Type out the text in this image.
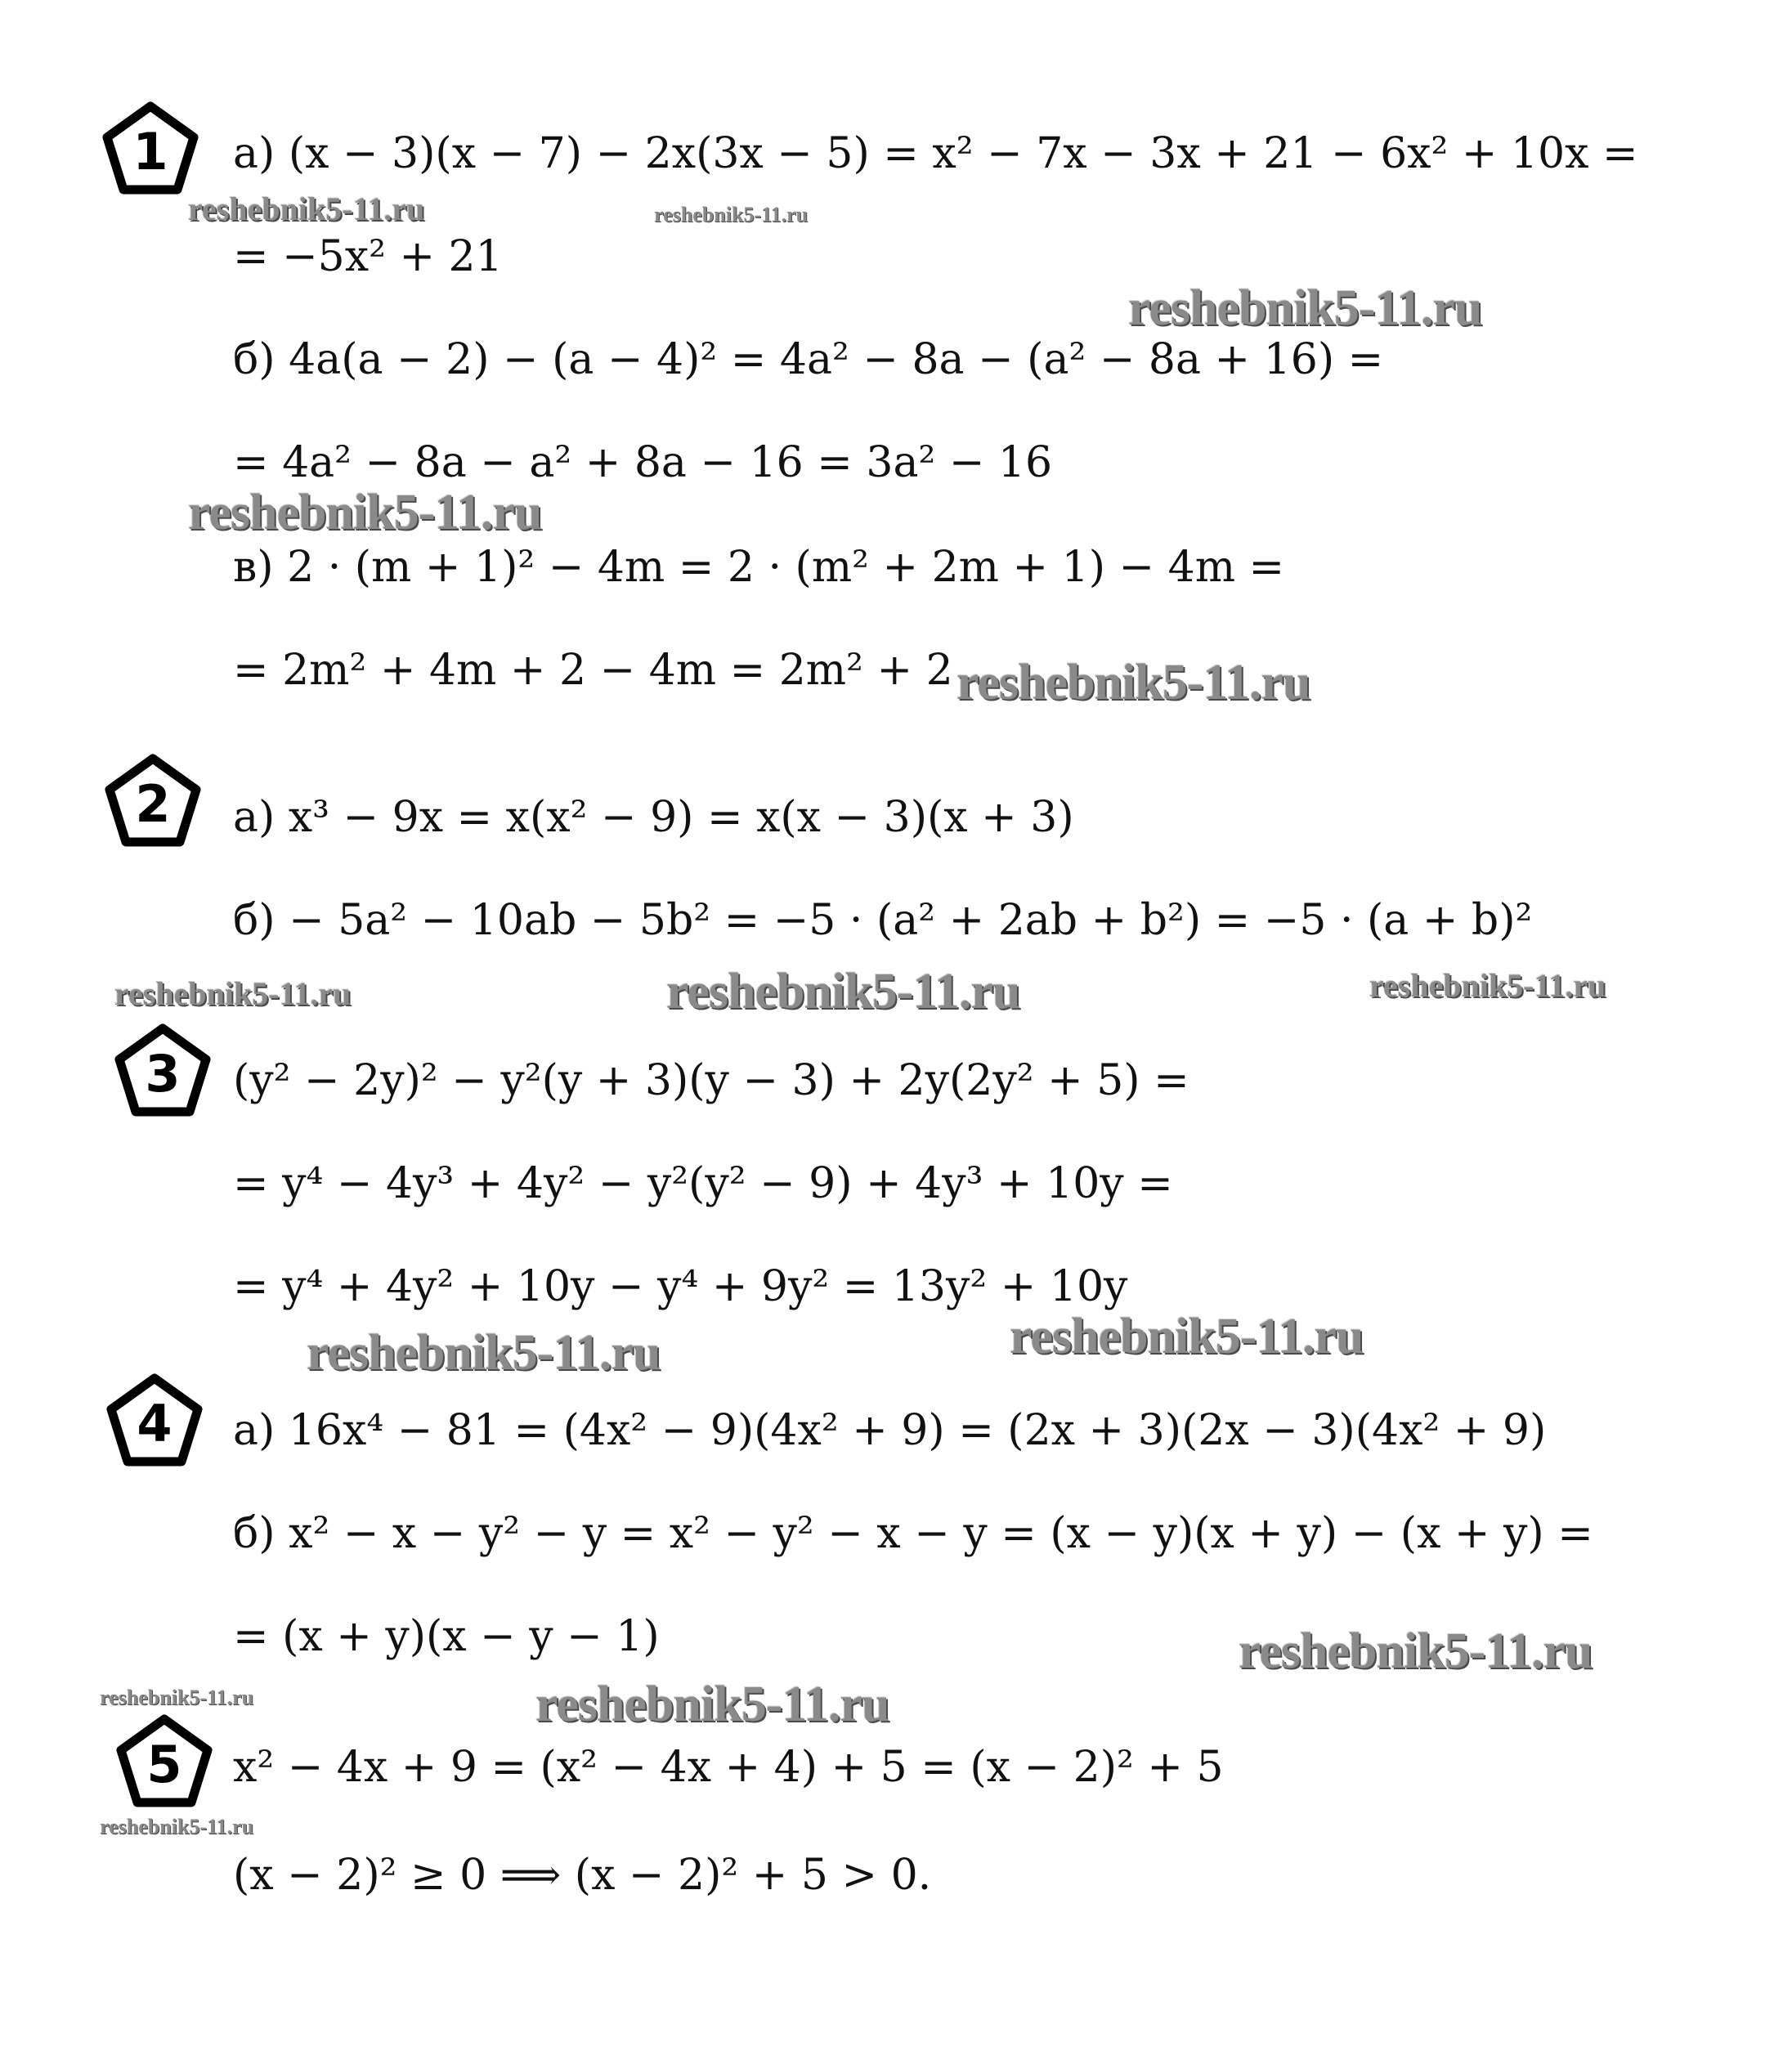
1
2
3
4
5
а) (x − 3)(x − 7) − 2x(3x − 5) = x² − 7x − 3x + 21 − 6x² + 10x =
= −5x² + 21
б) 4a(a − 2) − (a − 4)² = 4a² − 8a − (a² − 8a + 16) =
= 4a² − 8a − a² + 8a − 16 = 3a² − 16
в) 2 · (m + 1)² − 4m = 2 · (m² + 2m + 1) − 4m =
= 2m² + 4m + 2 − 4m = 2m² + 2
а) x³ − 9x = x(x² − 9) = x(x − 3)(x + 3)
б) − 5a² − 10ab − 5b² = −5 · (a² + 2ab + b²) = −5 · (a + b)²
(y² − 2y)² − y²(y + 3)(y − 3) + 2y(2y² + 5) =
= y⁴ − 4y³ + 4y² − y²(y² − 9) + 4y³ + 10y =
= y⁴ + 4y² + 10y − y⁴ + 9y² = 13y² + 10y
а) 16x⁴ − 81 = (4x² − 9)(4x² + 9) = (2x + 3)(2x − 3)(4x² + 9)
б) x² − x − y² − y = x² − y² − x − y = (x − y)(x + y) − (x + y) =
= (x + y)(x − y − 1)
x² − 4x + 9 = (x² − 4x + 4) + 5 = (x − 2)² + 5
(x − 2)² ≥ 0 ⟹ (x − 2)² + 5 > 0.
reshebnik5-11.ru	reshebnik5-11.ru
reshebnik5-11.ru
reshebnik5-11.ru
reshebnik5-11.ru
reshebnik5-11.ru	reshebnik5-11.ru	reshebnik5-11.ru
reshebnik5-11.ru	reshebnik5-11.ru
reshebnik5-11.ru
reshebnik5-11.ru	reshebnik5-11.ru
reshebnik5-11.ru
